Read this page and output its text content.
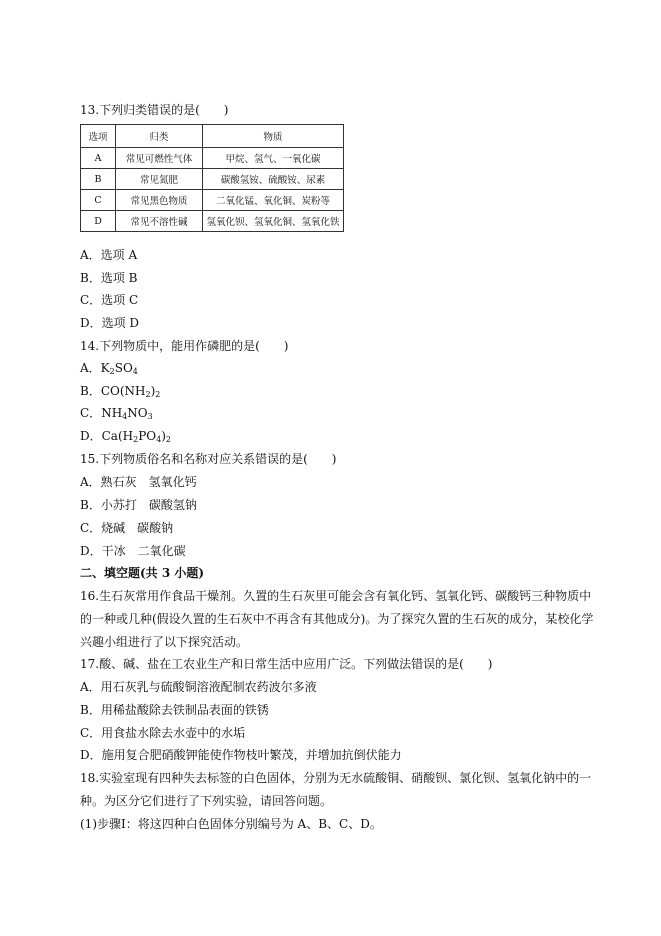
13.下列归类错误的是(　　)
选项	归类	物质
A	常见可燃性气体	甲烷、氢气、一氧化碳
B	常见氮肥	碳酸氢铵、硫酸铵、尿素
C	常见黑色物质	二氧化锰、氧化铜、炭粉等
D	常见不溶性碱	氢氧化钡、氢氧化铜、氢氧化铁
A．选项 A
B．选项 B
C．选项 C
D．选项 D
14.下列物质中，能用作磷肥的是(　　)
A．$K_2SO_4$
B．$CO(NH_2)_2$
C．$NH_4NO_3$
D．$Ca(H_2PO_4)_2$
15.下列物质俗名和名称对应关系错误的是(　　)
A．熟石灰　氢氧化钙
B．小苏打　碳酸氢钠
C．烧碱　碳酸钠
D．干冰　二氧化碳
二、填空题(共 3 小题)
16.生石灰常用作食品干燥剂。久置的生石灰里可能会含有氧化钙、氢氧化钙、碳酸钙三种物质中
的一种或几种(假设久置的生石灰中不再含有其他成分)。为了探究久置的生石灰的成分，某校化学
兴趣小组进行了以下探究活动。
17.酸、碱、盐在工农业生产和日常生活中应用广泛。下列做法错误的是(　　)
A．用石灰乳与硫酸铜溶液配制农药波尔多液
B．用稀盐酸除去铁制品表面的铁锈
C．用食盐水除去水壶中的水垢
D．施用复合肥硝酸钾能使作物枝叶繁茂，并增加抗倒伏能力
18.实验室现有四种失去标签的白色固体，分别为无水硫酸铜、硝酸钡、氯化钡、氢氧化钠中的一
种。为区分它们进行了下列实验，请回答问题。
(1)步骤Ⅰ：将这四种白色固体分别编号为 A、B、C、D。
